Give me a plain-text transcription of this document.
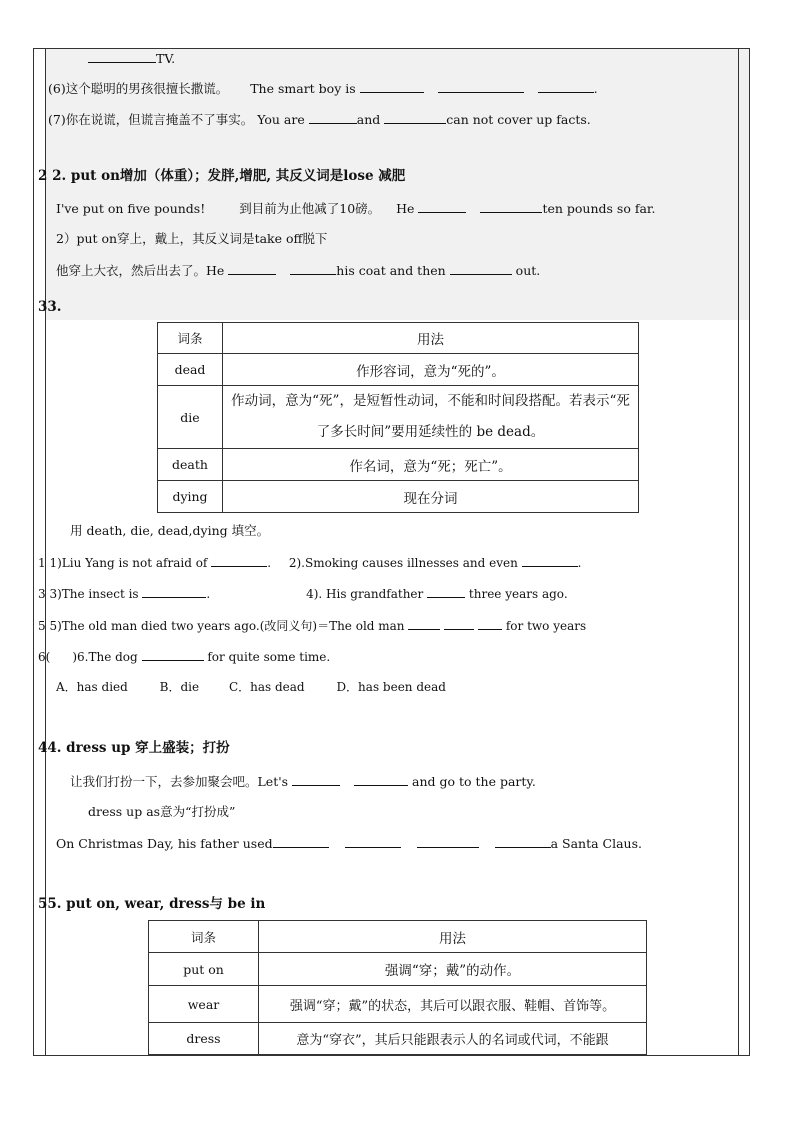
TV.
(6)这个聪明的男孩很擅长撒谎。 The smart boy is	.
(7)你在说谎，但谎言掩盖不了事实。 You are	and	can not cover up facts.
2 2. put on增加（体重）；发胖,增肥, 其反义词是lose 减肥
I've put on five pounds!	到目前为止他减了10磅。 He	ten pounds so far.
2）put on穿上，戴上，其反义词是take off脱下
他穿上大衣，然后出去了。He	his coat and then	out.
33.
词条	用法
dead	作形容词，意为“死的”。
die	作动词，意为“死”，是短暂性动词，不能和时间段搭配。若表示“死了多长时间”要用延续性的 be dead。
death	作名词，意为“死；死亡”。
dying	现在分词
用 death, die, dead,dying 填空。
1 1)Liu Yang is not afraid of	. 2).Smoking causes illnesses and even	.
3 3)The insect is	.	4). His grandfather	three years ago.
5 5)The old man died two years ago.(改同义句)＝The old man	for two years
6( )6.The dog	for quite some time.
A．has died	B．die C．has dead	D．has been dead
44. dress up 穿上盛装；打扮
让我们打扮一下，去参加聚会吧。Let's	and go to the party.
dress up as意为“打扮成”
On Christmas Day, his father used	a Santa Claus.
55. put on, wear, dress与 be in
词条	用法
put on	强调“穿；戴”的动作。
wear	强调“穿；戴”的状态，其后可以跟衣服、鞋帽、首饰等。
dress	意为“穿衣”，其后只能跟表示人的名词或代词，不能跟
